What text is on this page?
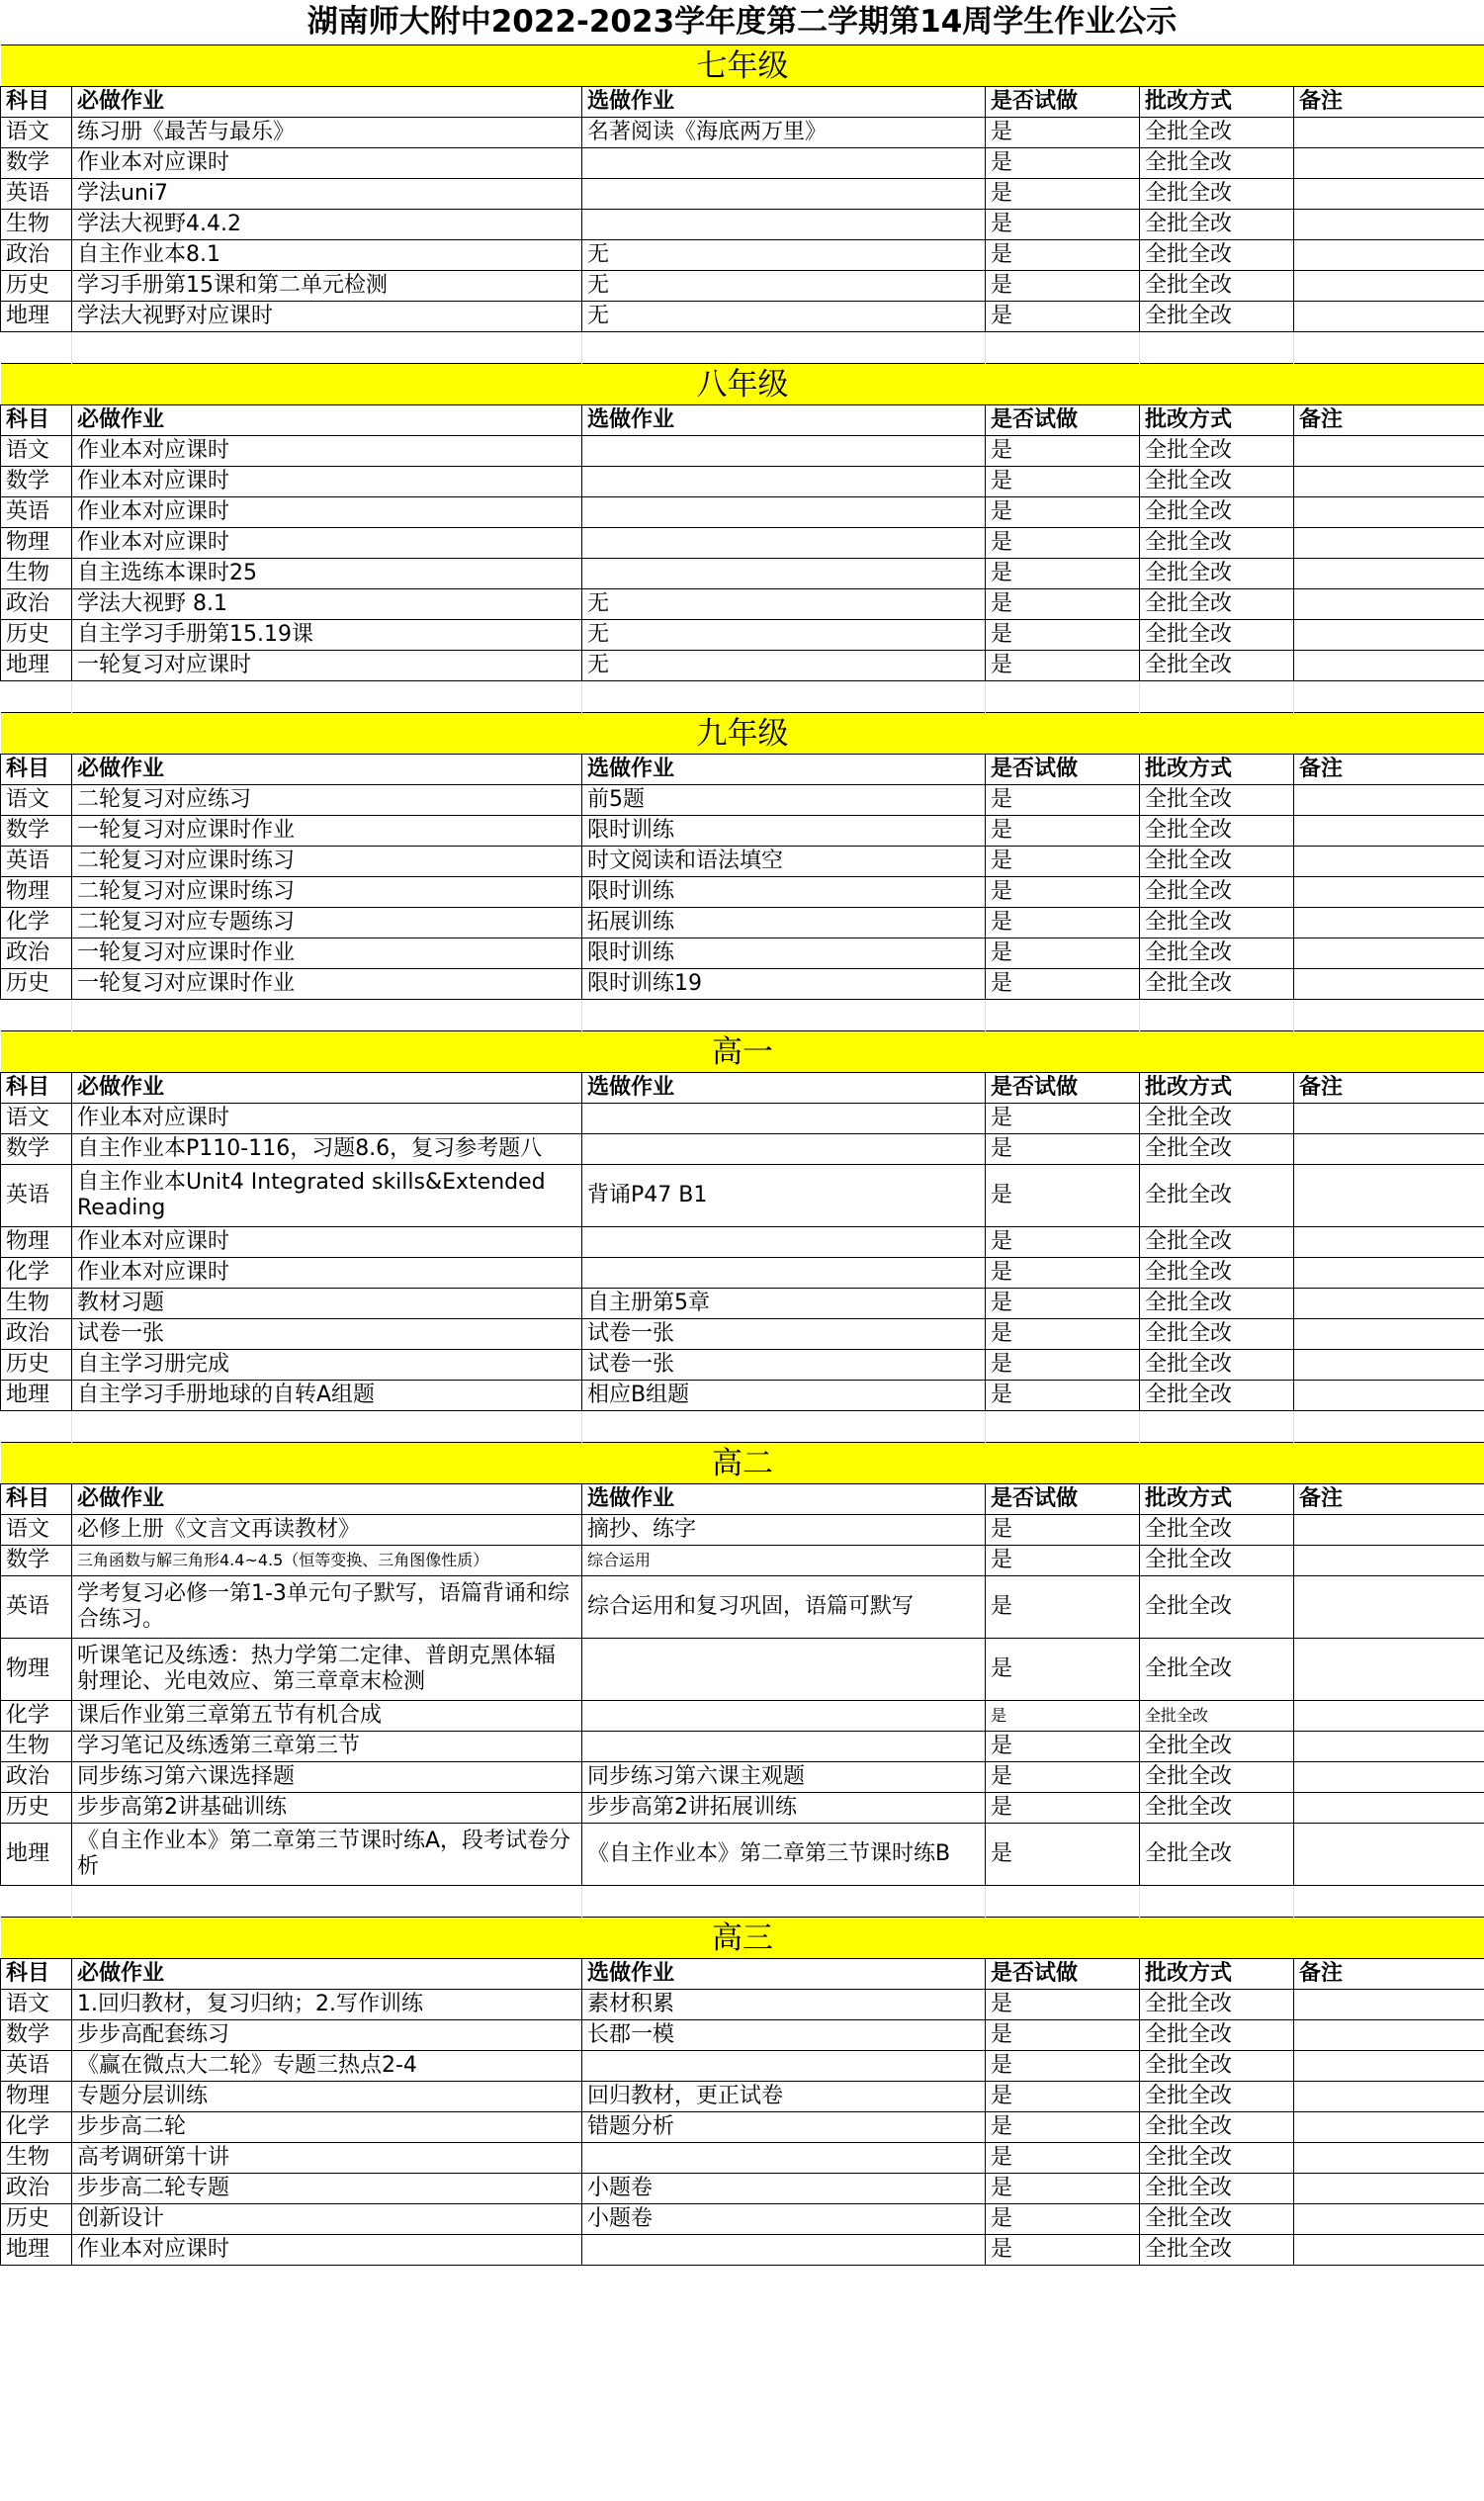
湖南师大附中2022-2023学年度第二学期第14周学生作业公示
七年级					
科目	必做作业	选做作业	是否试做	批改方式	备注
语文	练习册《最苦与最乐》	名著阅读《海底两万里》	是	全批全改	
数学	作业本对应课时		是	全批全改	
英语	学法uni7		是	全批全改	
生物	学法大视野4.4.2		是	全批全改	
政治	自主作业本8.1	无	是	全批全改	
历史	学习手册第15课和第二单元检测	无	是	全批全改	
地理	学法大视野对应课时	无	是	全批全改	

八年级					
科目	必做作业	选做作业	是否试做	批改方式	备注
语文	作业本对应课时		是	全批全改	
数学	作业本对应课时		是	全批全改	
英语	作业本对应课时		是	全批全改	
物理	作业本对应课时		是	全批全改	
生物	自主选练本课时25		是	全批全改	
政治	学法大视野 8.1	无	是	全批全改	
历史	自主学习手册第15.19课	无	是	全批全改	
地理	一轮复习对应课时	无	是	全批全改	

九年级					
科目	必做作业	选做作业	是否试做	批改方式	备注
语文	二轮复习对应练习	前5题	是	全批全改	
数学	一轮复习对应课时作业	限时训练	是	全批全改	
英语	二轮复习对应课时练习	时文阅读和语法填空	是	全批全改	
物理	二轮复习对应课时练习	限时训练	是	全批全改	
化学	二轮复习对应专题练习	拓展训练	是	全批全改	
政治	一轮复习对应课时作业	限时训练	是	全批全改	
历史	一轮复习对应课时作业	限时训练19	是	全批全改	

高一					
科目	必做作业	选做作业	是否试做	批改方式	备注
语文	作业本对应课时		是	全批全改	
数学	自主作业本P110-116，习题8.6，复习参考题八		是	全批全改	
英语	自主作业本Unit4 Integrated skills&Extended Reading	背诵P47 B1	是	全批全改	
物理	作业本对应课时		是	全批全改	
化学	作业本对应课时		是	全批全改	
生物	教材习题	自主册第5章	是	全批全改	
政治	试卷一张	试卷一张	是	全批全改	
历史	自主学习册完成	试卷一张	是	全批全改	
地理	自主学习手册地球的自转A组题	相应B组题	是	全批全改	

高二					
科目	必做作业	选做作业	是否试做	批改方式	备注
语文	必修上册《文言文再读教材》	摘抄、练字	是	全批全改	
数学	三角函数与解三角形4.4~4.5（恒等变换、三角图像性质）	综合运用	是	全批全改	
英语	学考复习必修一第1-3单元句子默写，语篇背诵和综合练习。	综合运用和复习巩固，语篇可默写	是	全批全改	
物理	听课笔记及练透：热力学第二定律、普朗克黑体辐射理论、光电效应、第三章章末检测		是	全批全改	
化学	课后作业第三章第五节有机合成		是	全批全改	
生物	学习笔记及练透第三章第三节		是	全批全改	
政治	同步练习第六课选择题	同步练习第六课主观题	是	全批全改	
历史	步步高第2讲基础训练	步步高第2讲拓展训练	是	全批全改	
地理	《自主作业本》第二章第三节课时练A，段考试卷分析	《自主作业本》第二章第三节课时练B	是	全批全改	

高三					
科目	必做作业	选做作业	是否试做	批改方式	备注
语文	1.回归教材，复习归纳；2.写作训练	素材积累	是	全批全改	
数学	步步高配套练习	长郡一模	是	全批全改	
英语	《赢在微点大二轮》专题三热点2-4		是	全批全改	
物理	专题分层训练	回归教材，更正试卷	是	全批全改	
化学	步步高二轮	错题分析	是	全批全改	
生物	高考调研第十讲		是	全批全改	
政治	步步高二轮专题	小题卷	是	全批全改	
历史	创新设计	小题卷	是	全批全改	
地理	作业本对应课时		是	全批全改	
